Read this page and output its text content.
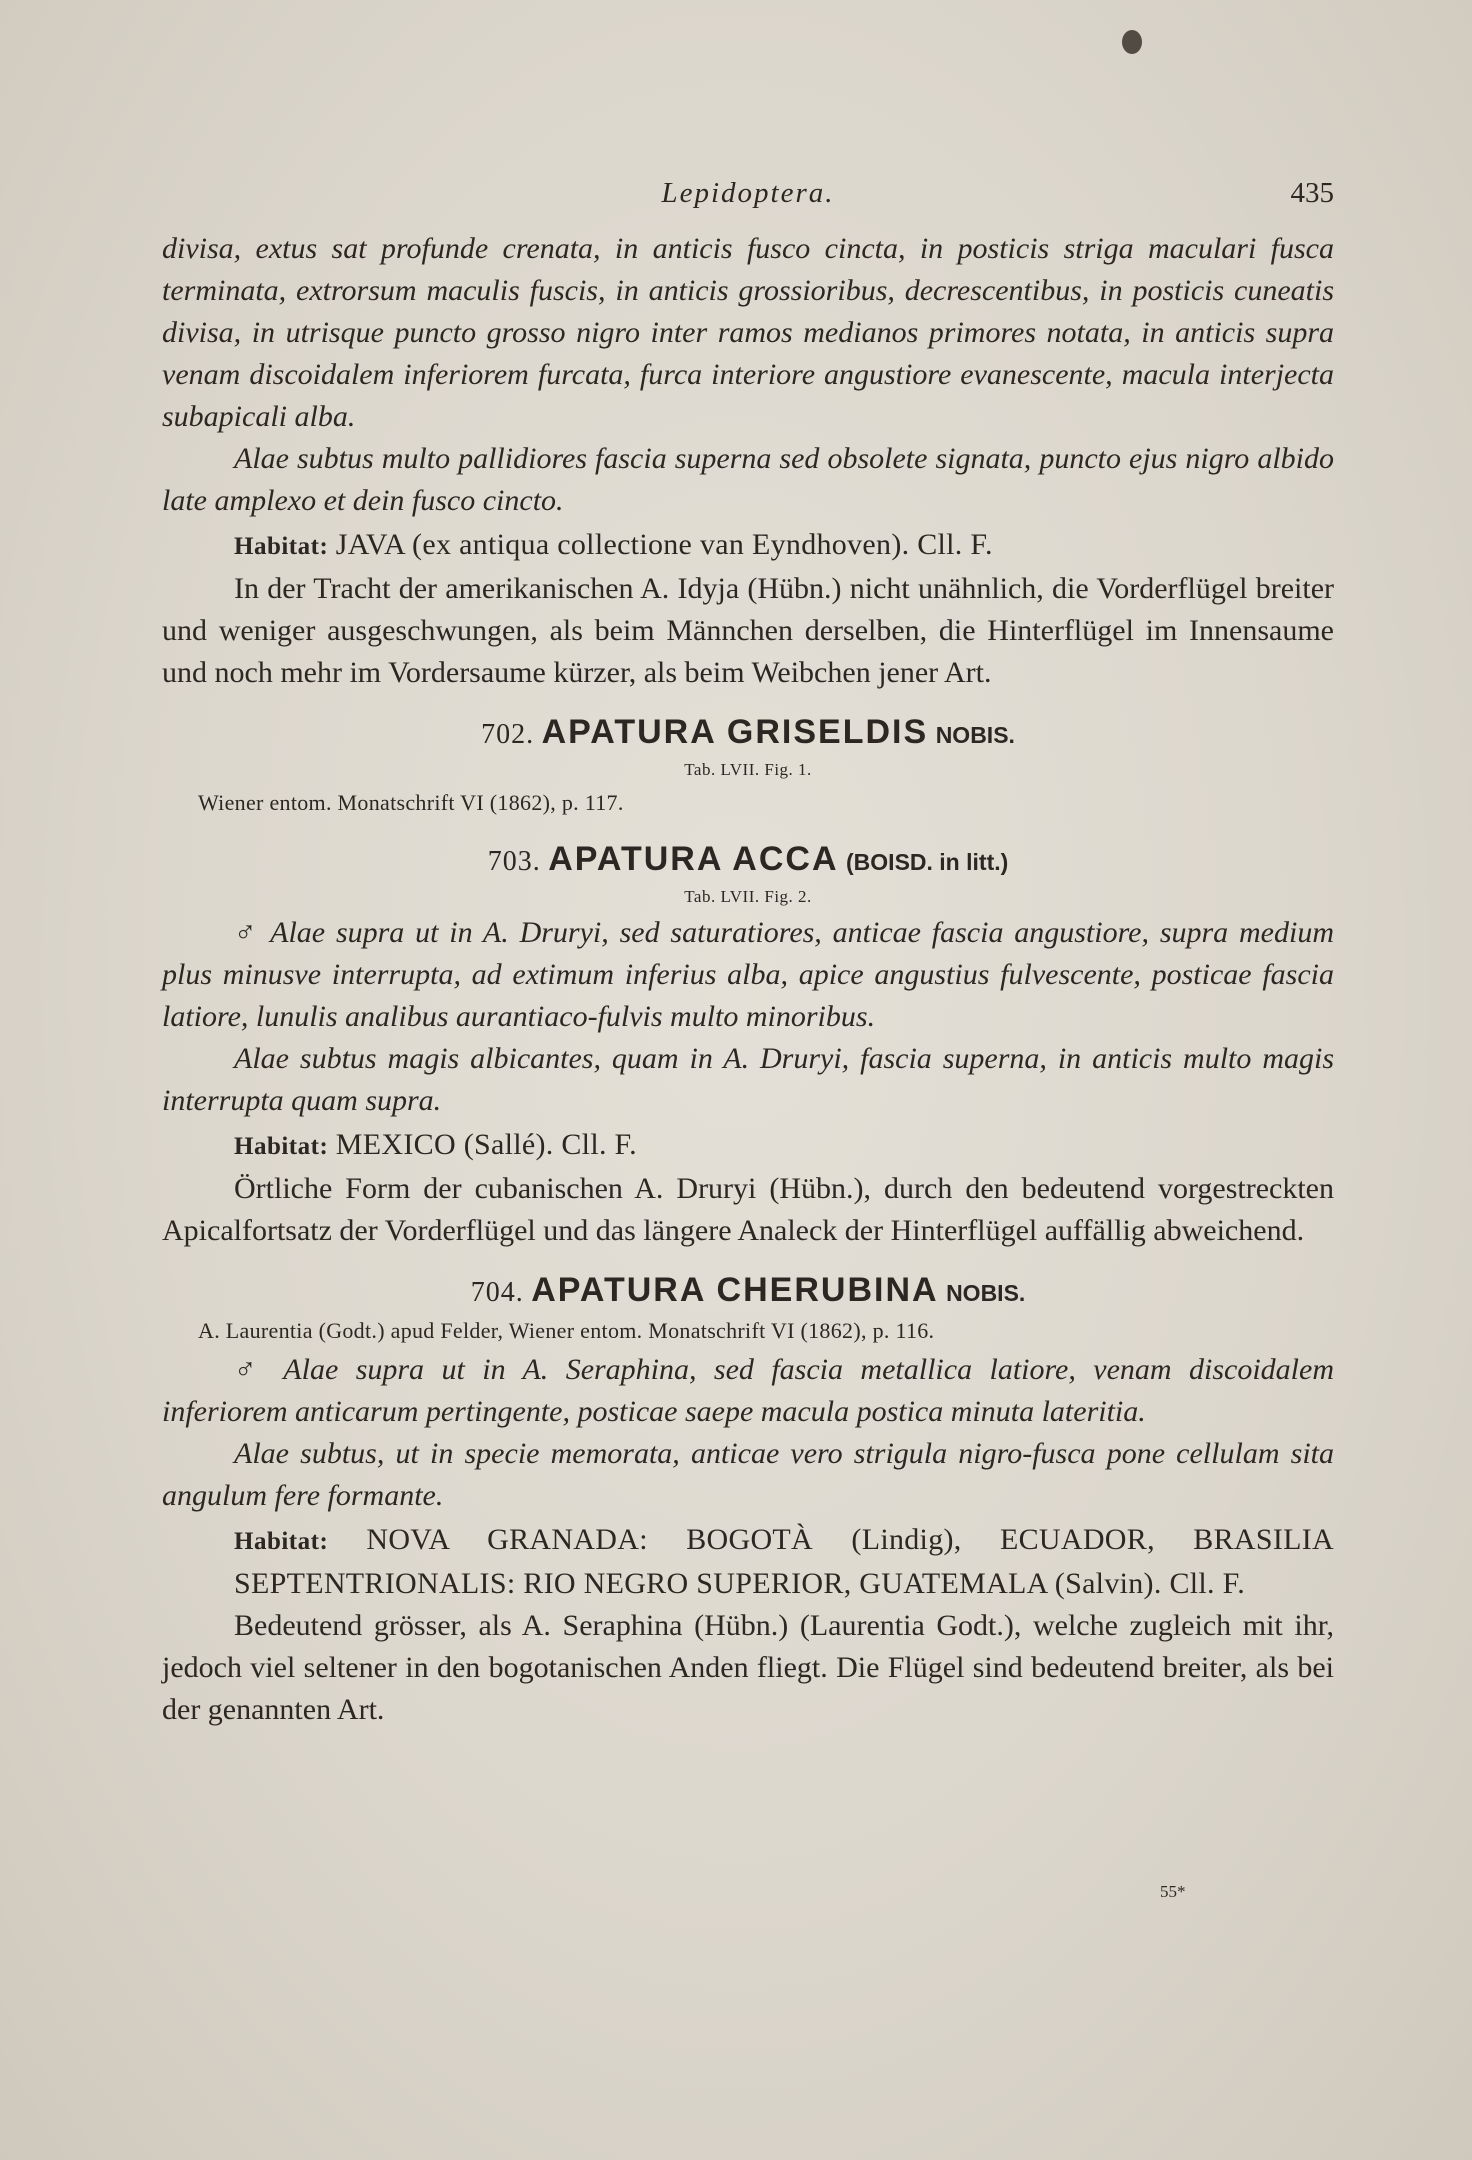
Lepidoptera.	435

divisa, extus sat profunde crenata, in anticis fusco cincta, in posticis striga maculari fusca terminata, extrorsum maculis fuscis, in anticis grossioribus, decrescentibus, in posticis cuneatis divisa, in utrisque puncto grosso nigro inter ramos medianos primores notata, in anticis supra venam discoidalem inferiorem furcata, furca interiore angustiore evanescente, macula interjecta subapicali alba.

Alae subtus multo pallidiores fascia superna sed obsolete signata, puncto ejus nigro albido late amplexo et dein fusco cincto.

Habitat: JAVA (ex antiqua collectione van Eyndhoven). Cll. F.

In der Tracht der amerikanischen A. Idyja (Hübn.) nicht unähnlich, die Vorderflügel breiter und weniger ausgeschwungen, als beim Männchen derselben, die Hinterflügel im Innensaume und noch mehr im Vordersaume kürzer, als beim Weibchen jener Art.

702. APATURA GRISELDIS NOBIS.
Tab. LVII. Fig. 1.
Wiener entom. Monatschrift VI (1862), p. 117.
703. APATURA ACCA (BOISD. in litt.)
Tab. LVII. Fig. 2.

♂ Alae supra ut in A. Druryi, sed saturatiores, anticae fascia angustiore, supra medium plus minusve interrupta, ad extimum inferius alba, apice angustius fulvescente, posticae fascia latiore, lunulis analibus aurantiaco-fulvis multo minoribus.

Alae subtus magis albicantes, quam in A. Druryi, fascia superna, in anticis multo magis interrupta quam supra.

Habitat: MEXICO (Sallé). Cll. F.

Örtliche Form der cubanischen A. Druryi (Hübn.), durch den bedeutend vorgestreckten Apicalfortsatz der Vorderflügel und das längere Analeck der Hinterflügel auffällig abweichend.

704. APATURA CHERUBINA NOBIS.
A. Laurentia (Godt.) apud Felder, Wiener entom. Monatschrift VI (1862), p. 116.

♂ Alae supra ut in A. Seraphina, sed fascia metallica latiore, venam discoidalem inferiorem anticarum pertingente, posticae saepe macula postica minuta lateritia.

Alae subtus, ut in specie memorata, anticae vero strigula nigro-fusca pone cellulam sita angulum fere formante.

Habitat: NOVA GRANADA: BOGOTÀ (Lindig), ECUADOR, BRASILIA SEPTENTRIONALIS: RIO NEGRO SUPERIOR, GUATEMALA (Salvin). Cll. F.

Bedeutend grösser, als A. Seraphina (Hübn.) (Laurentia Godt.), welche zugleich mit ihr, jedoch viel seltener in den bogotanischen Anden fliegt. Die Flügel sind bedeutend breiter, als bei der genannten Art.

55*
